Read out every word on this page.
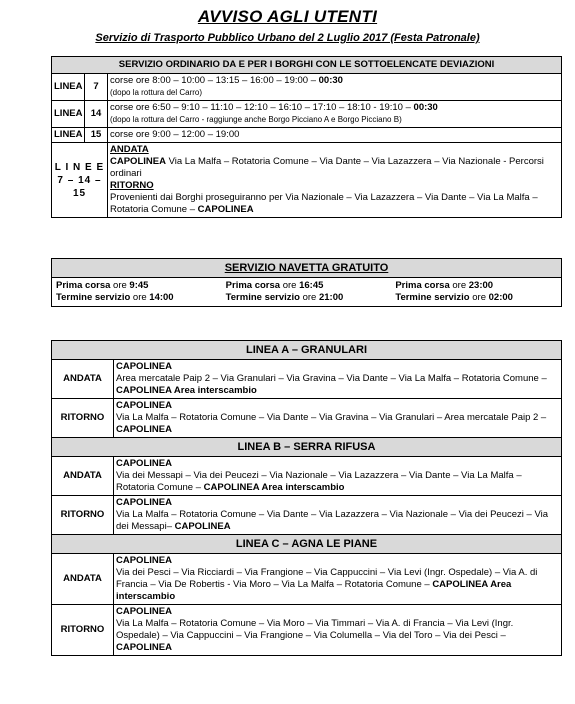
AVVISO AGLI UTENTI
Servizio di Trasporto Pubblico Urbano del 2 Luglio 2017 (Festa Patronale)
SERVIZIO ORDINARIO DA E PER I BORGHI CON LE SOTTOELENCATE DEVIAZIONI		
LINEA	7	corse ore 8:00 – 10:00 – 13:15 – 16:00 – 19:00 – 00:30
(dopo la rottura del Carro)
LINEA	14	corse ore 6:50 – 9:10 – 11:10 – 12:10 – 16:10 – 17:10 – 18:10 - 19:10 – 00:30
(dopo la rottura del Carro - raggiunge anche Borgo Picciano A e Borgo Picciano B)
LINEA	15	corse ore 9:00 – 12:00 – 19:00
L I N E E 7 – 14 – 15		ANDATA
CAPOLINEA Via La Malfa – Rotatoria Comune – Via Dante – Via Lazazzera – Via Nazionale - Percorsi ordinari
RITORNO
Provenienti dai Borghi proseguiranno per Via Nazionale – Via Lazazzera – Via Dante – Via La Malfa – Rotatoria Comune – CAPOLINEA
SERVIZIO NAVETTA GRATUITO
Prima corsa ore 9:45
Termine servizio ore 14:00
Prima corsa ore 16:45
Termine servizio ore 21:00
Prima corsa ore 23:00
Termine servizio ore 02:00
LINEA A – GRANULARI	
ANDATA	CAPOLINEA
Area mercatale Paip 2 – Via Granulari – Via Gravina – Via Dante – Via La Malfa – Rotatoria Comune –
CAPOLINEA Area interscambio
RITORNO	CAPOLINEA
Via La Malfa – Rotatoria Comune – Via Dante – Via Gravina – Via Granulari – Area mercatale Paip 2 – CAPOLINEA
LINEA B – SERRA RIFUSA	
ANDATA	CAPOLINEA
Via dei Messapi – Via dei Peucezi – Via Nazionale – Via Lazazzera – Via Dante – Via La Malfa – Rotatoria Comune – CAPOLINEA Area interscambio
RITORNO	CAPOLINEA
Via La Malfa – Rotatoria Comune – Via Dante – Via Lazazzera – Via Nazionale – Via dei Peucezi – Via dei Messapi– CAPOLINEA
LINEA C – AGNA LE PIANE	
ANDATA	CAPOLINEA
Via dei Pesci – Via Ricciardi – Via Frangione – Via Cappuccini – Via Levi (Ingr. Ospedale) – Via A. di Francia – Via De Robertis - Via Moro – Via La Malfa – Rotatoria Comune – CAPOLINEA Area interscambio
RITORNO	CAPOLINEA
Via La Malfa – Rotatoria Comune – Via Moro – Via Timmari – Via A. di Francia – Via Levi (Ingr. Ospedale) – Via Cappuccini – Via Frangione – Via Columella – Via del Toro – Via dei Pesci –
CAPOLINEA
